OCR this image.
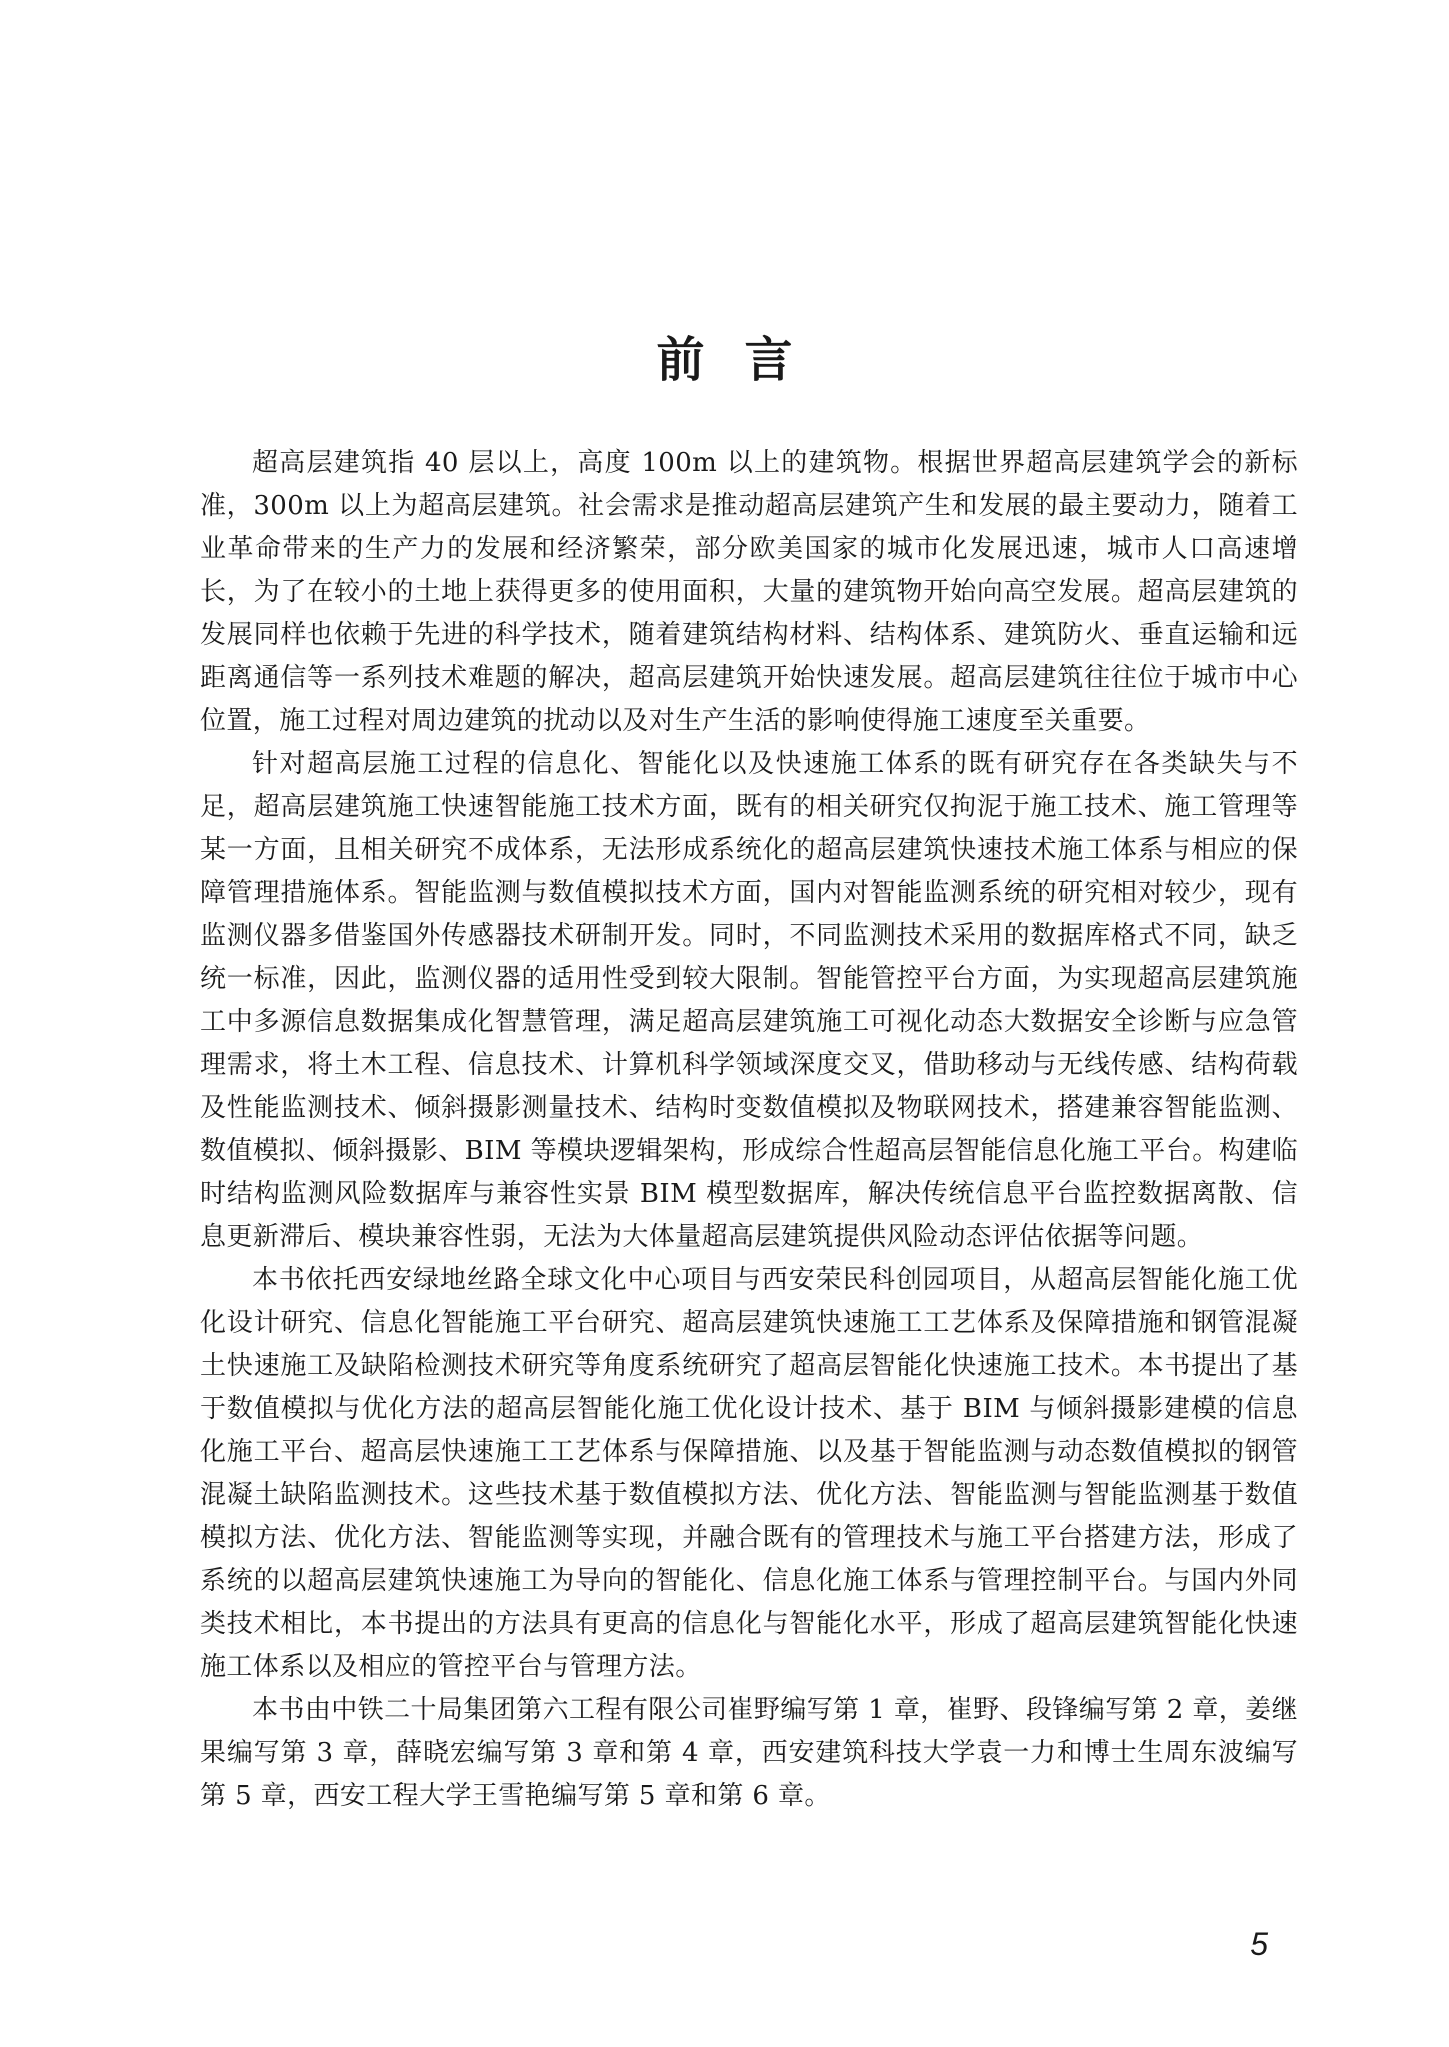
前言

超高层建筑指 40 层以上，高度 100m 以上的建筑物。根据世界超高层建筑学会的新标准，300m 以上为超高层建筑。社会需求是推动超高层建筑产生和发展的最主要动力，随着工业革命带来的生产力的发展和经济繁荣，部分欧美国家的城市化发展迅速，城市人口高速增长，为了在较小的土地上获得更多的使用面积，大量的建筑物开始向高空发展。超高层建筑的发展同样也依赖于先进的科学技术，随着建筑结构材料、结构体系、建筑防火、垂直运输和远距离通信等一系列技术难题的解决，超高层建筑开始快速发展。超高层建筑往往位于城市中心位置，施工过程对周边建筑的扰动以及对生产生活的影响使得施工速度至关重要。

针对超高层施工过程的信息化、智能化以及快速施工体系的既有研究存在各类缺失与不足，超高层建筑施工快速智能施工技术方面，既有的相关研究仅拘泥于施工技术、施工管理等某一方面，且相关研究不成体系，无法形成系统化的超高层建筑快速技术施工体系与相应的保障管理措施体系。智能监测与数值模拟技术方面，国内对智能监测系统的研究相对较少，现有监测仪器多借鉴国外传感器技术研制开发。同时，不同监测技术采用的数据库格式不同，缺乏统一标准，因此，监测仪器的适用性受到较大限制。智能管控平台方面，为实现超高层建筑施工中多源信息数据集成化智慧管理，满足超高层建筑施工可视化动态大数据安全诊断与应急管理需求，将土木工程、信息技术、计算机科学领域深度交叉，借助移动与无线传感、结构荷载及性能监测技术、倾斜摄影测量技术、结构时变数值模拟及物联网技术，搭建兼容智能监测、数值模拟、倾斜摄影、BIM 等模块逻辑架构，形成综合性超高层智能信息化施工平台。构建临时结构监测风险数据库与兼容性实景 BIM 模型数据库，解决传统信息平台监控数据离散、信息更新滞后、模块兼容性弱，无法为大体量超高层建筑提供风险动态评估依据等问题。

本书依托西安绿地丝路全球文化中心项目与西安荣民科创园项目，从超高层智能化施工优化设计研究、信息化智能施工平台研究、超高层建筑快速施工工艺体系及保障措施和钢管混凝土快速施工及缺陷检测技术研究等角度系统研究了超高层智能化快速施工技术。本书提出了基于数值模拟与优化方法的超高层智能化施工优化设计技术、基于 BIM 与倾斜摄影建模的信息化施工平台、超高层快速施工工艺体系与保障措施、以及基于智能监测与动态数值模拟的钢管混凝土缺陷监测技术。这些技术基于数值模拟方法、优化方法、智能监测与智能监测基于数值模拟方法、优化方法、智能监测等实现，并融合既有的管理技术与施工平台搭建方法，形成了系统的以超高层建筑快速施工为导向的智能化、信息化施工体系与管理控制平台。与国内外同类技术相比，本书提出的方法具有更高的信息化与智能化水平，形成了超高层建筑智能化快速施工体系以及相应的管控平台与管理方法。

本书由中铁二十局集团第六工程有限公司崔野编写第 1 章，崔野、段锋编写第 2 章，姜继果编写第 3 章，薛晓宏编写第 3 章和第 4 章，西安建筑科技大学袁一力和博士生周东波编写第 5 章，西安工程大学王雪艳编写第 5 章和第 6 章。

5
